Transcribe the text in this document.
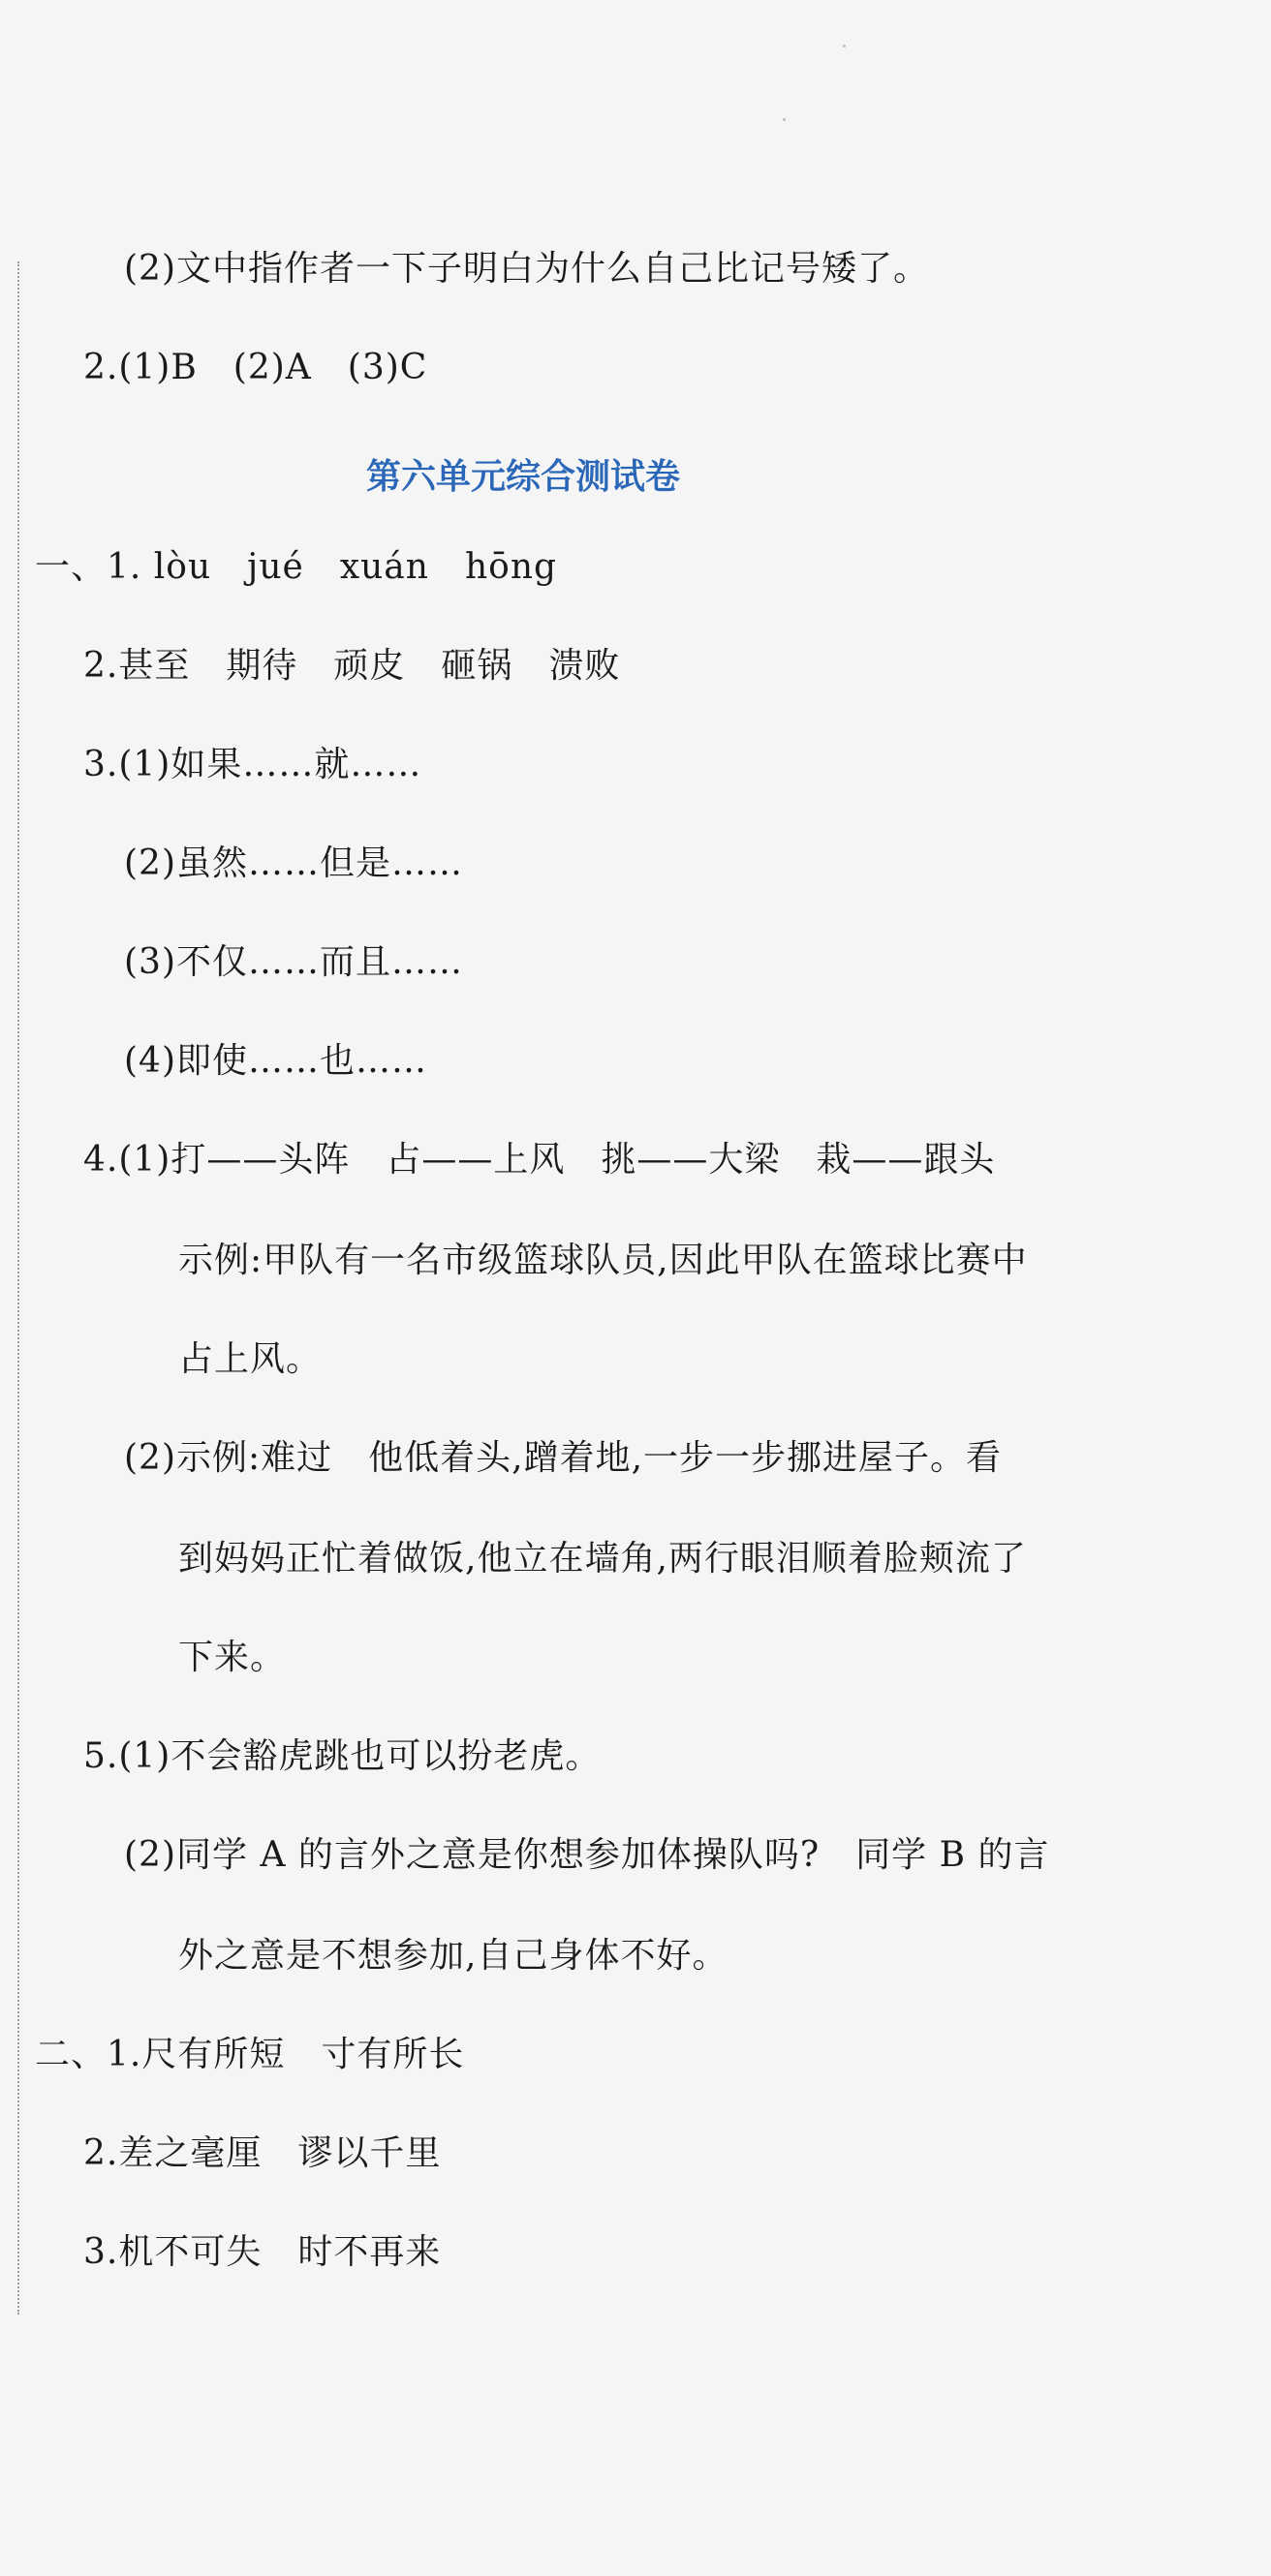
(2)文中指作者一下子明白为什么自己比记号矮了。
2.(1)B　(2)A　(3)C
第六单元综合测试卷
一、1. lòu　jué　xuán　hōng
2.甚至　期待　顽皮　砸锅　溃败
3.(1)如果……就……
(2)虽然……但是……
(3)不仅……而且……
(4)即使……也……
4.(1)打——头阵　占——上风　挑——大梁　栽——跟头
示例:甲队有一名市级篮球队员,因此甲队在篮球比赛中
占上风。
(2)示例:难过　他低着头,蹭着地,一步一步挪进屋子。看
到妈妈正忙着做饭,他立在墙角,两行眼泪顺着脸颊流了
下来。
5.(1)不会豁虎跳也可以扮老虎。
(2)同学 A 的言外之意是你想参加体操队吗?　同学 B 的言
外之意是不想参加,自己身体不好。
二、1.尺有所短　寸有所长
2.差之毫厘　谬以千里
3.机不可失　时不再来
